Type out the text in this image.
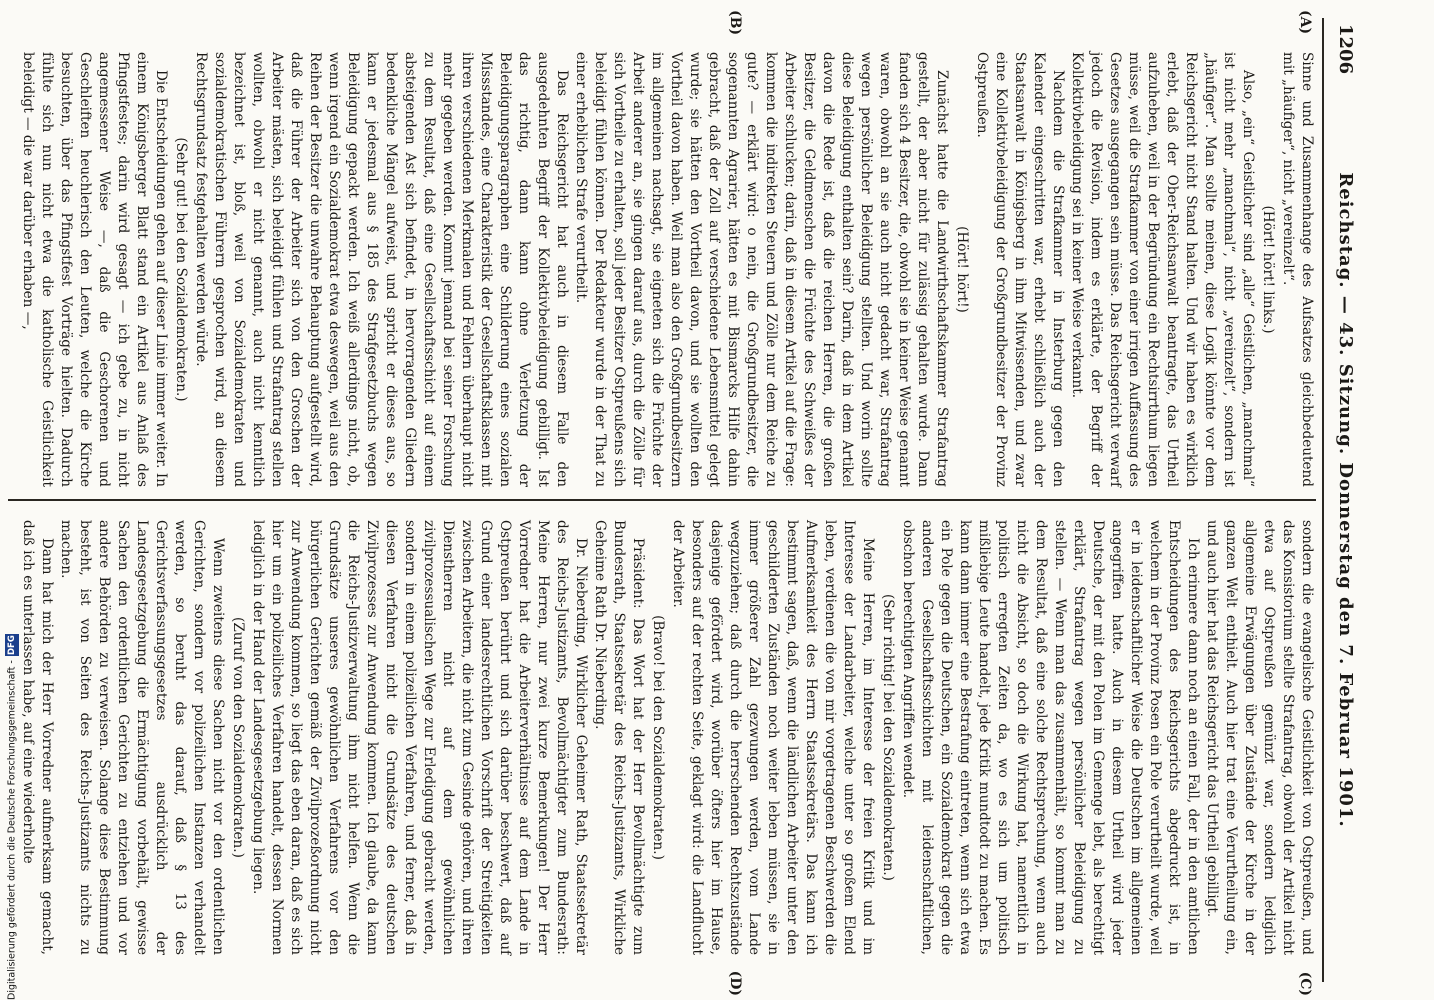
Digitalisierung gefördert durch die Deutsche Forschungsgemeinschaft -
DFG
1206
Reichstag. — 43. Sitzung. Donnerstag den 7. Februar 1901.
(A)
(B)
(C)
(D)

Sinne und Zusammenhange des Aufsatzes gleichbedeutend mit „häufiger“, nicht „vereinzelt“.

(Hört! hört! links.)

Also, „ein“ Geistlicher sind „alle“ Geistlichen, „manchmal“ ist nicht mehr „manchmal“, nicht „vereinzelt“, sondern ist „häufiger“. Man sollte meinen, diese Logik könnte vor dem Reichsgericht nicht Stand halten. Und wir haben es wirklich erlebt, daß der Ober-Reichsanwalt beantragte, das Urtheil aufzuheben, weil in der Begründung ein Rechtsirrthum liegen müsse, weil die Strafkammer von einer irrigen Auffassung des Gesetzes ausgegangen sein müsse. Das Reichsgericht verwarf jedoch die Revision, indem es erklärte, der Begriff der Kollektivbeleidigung sei in keiner Weise verkannt.

Nachdem die Strafkammer in Insterburg gegen den Kalender eingeschritten war, erhebt schließlich auch der Staatsanwalt in Königsberg in ihm Mitwissenden, und zwar eine Kollektivbeleidigung der Großgrundbesitzer der Provinz Ostpreußen.

(Hört! hört!)

Zunächst hatte die Landwirthschaftskammer Strafantrag gestellt, der aber nicht für zulässig gehalten wurde. Dann fanden sich 4 Besitzer, die, obwohl sie in keiner Weise genannt waren, obwohl an sie auch nicht gedacht war, Strafantrag wegen persönlicher Beleidigung stellten. Und worin sollte diese Beleidigung enthalten sein? Darin, daß in dem Artikel davon die Rede ist, daß die reichen Herren, die großen Besitzer, die Geldmenschen die Früchte des Schweißes der Arbeiter schlucken; darin, daß in diesem Artikel auf die Frage: kommen die indirekten Steuern und Zölle nur dem Reiche zu gute? — erklärt wird: o nein, die Großgrundbesitzer, die sogenannten Agrarier, hätten es mit Bismarcks Hilfe dahin gebracht, daß der Zoll auf verschiedene Lebensmittel gelegt wurde; sie hätten den Vortheil davon, und sie wollten den Vortheil davon haben. Weil man also den Großgrundbesitzern im allgemeinen nachsagt, sie eigneten sich die Früchte der Arbeit anderer an, sie gingen darauf aus, durch die Zölle für sich Vortheile zu erhalten, soll jeder Besitzer Ostpreußens sich beleidigt fühlen können. Der Redakteur wurde in der That zu einer erheblichen Strafe verurtheilt.

Das Reichsgericht hat auch in diesem Falle den ausgedehnten Begriff der Kollektivbeleidigung gebilligt. Ist das richtig, dann kann ohne Verletzung der Beleidigungsparagraphen eine Schilderung eines sozialen Missstandes, eine Charakteristik der Gesellschaftsklassen mit ihren verschiedenen Merkmalen und Fehlern überhaupt nicht mehr gegeben werden. Kommt jemand bei seiner Forschung zu dem Resultat, daß eine Gesellschaftsschicht auf einem absteigenden Ast sich befindet, in hervorragenden Gliedern bedenkliche Mängel aufweist, und spricht er dieses aus, so kann er jedesmal aus § 185 des Strafgesetzbuchs wegen Beleidigung gepackt werden. Ich weiß allerdings nicht, ob, wenn irgend ein Sozialdemokrat etwa deswegen, weil aus den Reihen der Besitzer die unwahre Behauptung aufgestellt wird, daß die Führer der Arbeiter sich von den Groschen der Arbeiter mästen, sich beleidigt fühlen und Strafantrag stellen wollten, obwohl er nicht genannt, auch nicht kenntlich bezeichnet ist, bloß, weil von Sozialdemokraten und sozialdemokratischen Führern gesprochen wird, an diesem Rechtsgrundsatz festgehalten werden würde.

(Sehr gut! bei den Sozialdemokraten.)

Die Entscheidungen gehen auf dieser Linie immer weiter. In einem Königsberger Blatt stand ein Artikel aus Anlaß des Pfingstfestes; darin wird gesagt — ich gebe zu, in nicht angemessener Weise —, daß die Geschorenen und Geschleiften heuchlerisch den Leuten, welche die Kirche besuchten, über das Pfingstfest Vorträge hielten. Dadurch fühlte sich nun nicht etwa die katholische Geistlichkeit beleidigt — die war darüber erhaben —,

sondern die evangelische Geistlichkeit von Ostpreußen, und das Konsistorium stellte Strafantrag, obwohl der Artikel nicht etwa auf Ostpreußen gemünzt war, sondern lediglich allgemeine Erwägungen über Zustände der Kirche in der ganzen Welt enthielt. Auch hier trat eine Verurtheilung ein, und auch hier hat das Reichsgericht das Urtheil gebilligt.

Ich erinnere dann noch an einen Fall, der in den amtlichen Entscheidungen des Reichsgerichts abgedruckt ist, in welchem in der Provinz Posen ein Pole verurtheilt wurde, weil er in leidenschaftlicher Weise die Deutschen im allgemeinen angegriffen hatte. Auch in diesem Urtheil wird jeder Deutsche, der mit den Polen im Gemenge lebt, als berechtigt erklärt, Strafantrag wegen persönlicher Beleidigung zu stellen. — Wenn man das zusammenhält, so kommt man zu dem Resultat, daß eine solche Rechtsprechung, wenn auch nicht die Absicht, so doch die Wirkung hat, namentlich in politisch erregten Zeiten da, wo es sich um politisch mißliebige Leute handelt, jede Kritik mundtodt zu machen. Es kann dann immer eine Bestrafung eintreten, wenn sich etwa ein Pole gegen die Deutschen, ein Sozialdemokrat gegen die anderen Gesellschaftsschichten mit leidenschaftlichen, obschon berechtigten Angriffen wendet.

(Sehr richtig! bei den Sozialdemokraten.)

Meine Herren, im Interesse der freien Kritik und im Interesse der Landarbeiter, welche unter so großem Elend leben, verdienen die von mir vorgetragenen Beschwerden die Aufmerksamkeit des Herrn Staatssekretärs. Das kann ich bestimmt sagen, daß, wenn die ländlichen Arbeiter unter den geschilderten Zuständen noch weiter leben müssen, sie in immer größerer Zahl gezwungen werden, vom Lande wegzuziehen; daß durch die herrschenden Rechtszustände dasjenige gefördert wird, worüber öfters hier im Hause, besonders auf der rechten Seite, geklagt wird: die Landflucht der Arbeiter.

(Bravo! bei den Sozialdemokraten.)

Präsident: Das Wort hat der Herr Bevollmächtigte zum Bundesrath, Staatssekretär des Reichs-Justizamts, Wirkliche Geheime Rath Dr. Nieberding.

Dr. Nieberding, Wirklicher Geheimer Rath, Staatssekretär des Reichs-Justizamts, Bevollmächtigter zum Bundesrath: Meine Herren, nur zwei kurze Bemerkungen! Der Herr Vorredner hat die Arbeiterverhältnisse auf dem Lande in Ostpreußen berührt und sich darüber beschwert, daß auf Grund einer landesrechtlichen Vorschrift der Streitigkeiten zwischen Arbeitern, die nicht zum Gesinde gehören, und ihren Dienstherren nicht auf dem gewöhnlichen zivilprozessualischen Wege zur Erledigung gebracht werden, sondern in einem polizeilichen Verfahren, und ferner, daß in diesen Verfahren nicht die Grundsätze des deutschen Zivilprozesses zur Anwendung kommen. Ich glaube, da kann die Reichs-Justizverwaltung ihm nicht helfen. Wenn die Grundsätze unseres gewöhnlichen Verfahrens vor den bürgerlichen Gerichten gemäß der Zivilprozeßordnung nicht zur Anwendung kommen, so liegt das eben daran, daß es sich hier um ein polizeiliches Verfahren handelt, dessen Normen lediglich in der Hand der Landesgesetzgebung liegen.

(Zuruf von den Sozialdemokraten.)

Wenn zweitens diese Sachen nicht vor den ordentlichen Gerichten, sondern vor polizeilichen Instanzen verhandelt werden, so beruht das darauf, daß § 13 des Gerichtsverfassungsgesetzes ausdrücklich der Landesgesetzgebung die Ermächtigung vorbehält, gewisse Sachen den ordentlichen Gerichten zu entziehen und vor andere Behörden zu verweisen. Solange diese Bestimmung besteht, ist von Seiten des Reichs-Justizamts nichts zu machen.

Dann hat mich der Herr Vorredner aufmerksam gemacht, daß ich es unterlassen habe, auf eine wiederholte
